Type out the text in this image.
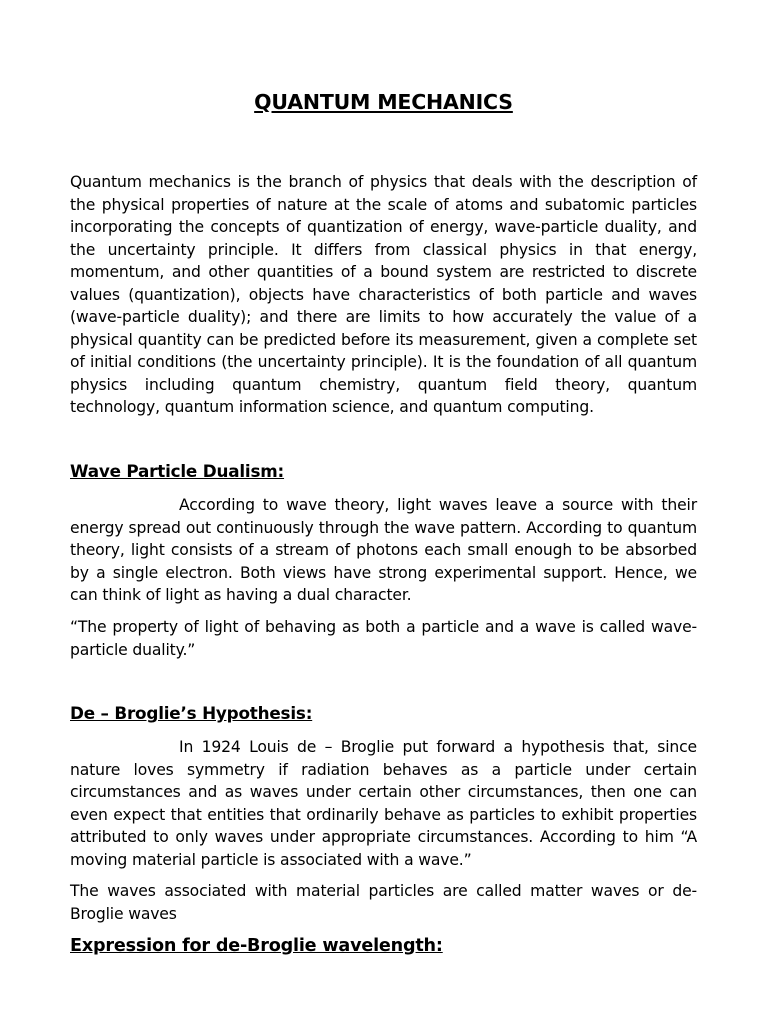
QUANTUM MECHANICS

Quantum mechanics is the branch of physics that deals with the description of the physical properties of nature at the scale of atoms and subatomic particles incorporating the concepts of quantization of energy, wave-particle duality, and the uncertainty principle. It differs from classical physics in that energy, momentum, and other quantities of a bound system are restricted to discrete values (quantization), objects have characteristics of both particle and waves (wave-particle duality); and there are limits to how accurately the value of a physical quantity can be predicted before its measurement, given a complete set of initial conditions (the uncertainty principle). It is the foundation of all quantum physics including quantum chemistry, quantum field theory, quantum technology, quantum information science, and quantum computing.

Wave Particle Dualism:

According to wave theory, light waves leave a source with their energy spread out continuously through the wave pattern. According to quantum theory, light consists of a stream of photons each small enough to be absorbed by a single electron. Both views have strong experimental support. Hence, we can think of light as having a dual character.

“The property of light of behaving as both a particle and a wave is called wave-particle duality.”

De – Broglie’s Hypothesis:

In 1924 Louis de – Broglie put forward a hypothesis that, since nature loves symmetry if radiation behaves as a particle under certain circumstances and as waves under certain other circumstances, then one can even expect that entities that ordinarily behave as particles to exhibit properties attributed to only waves under appropriate circumstances. According to him “A moving material particle is associated with a wave.”

The waves associated with material particles are called matter waves or de-Broglie waves

Expression for de-Broglie wavelength:
